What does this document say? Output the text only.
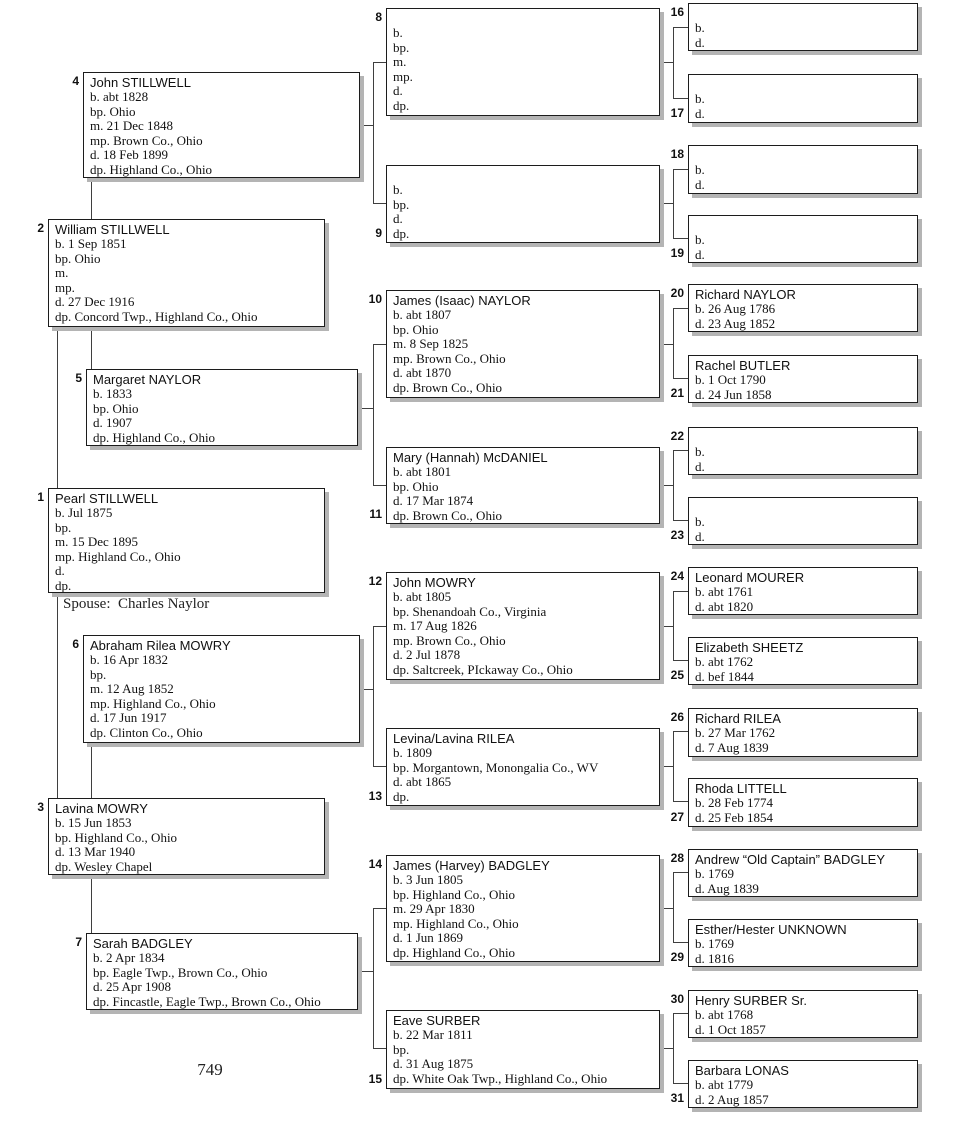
Spouse:  Charles Naylor
749
1 Pearl STILLWELL
b. Jul 1875
bp.
m. 15 Dec 1895
mp. Highland Co., Ohio
d.
dp.
2 William STILLWELL
b. 1 Sep 1851
bp. Ohio
m.
mp.
d. 27 Dec 1916
dp. Concord Twp., Highland Co., Ohio
3 Lavina MOWRY
b. 15 Jun 1853
bp. Highland Co., Ohio
d. 13 Mar 1940
dp. Wesley Chapel
4 John STILLWELL
b. abt 1828
bp. Ohio
m. 21 Dec 1848
mp. Brown Co., Ohio
d. 18 Feb 1899
dp. Highland Co., Ohio
5 Margaret NAYLOR
b. 1833
bp. Ohio
d. 1907
dp. Highland Co., Ohio
6 Abraham Rilea MOWRY
b. 16 Apr 1832
bp.
m. 12 Aug 1852
mp. Highland Co., Ohio
d. 17 Jun 1917
dp. Clinton Co., Ohio
7 Sarah BADGLEY
b. 2 Apr 1834
bp. Eagle Twp., Brown Co., Ohio
d. 25 Apr 1908
dp. Fincastle, Eagle Twp., Brown Co., Ohio
8
b.
bp.
m.
mp.
d.
dp.
9
b.
bp.
d.
dp.
10 James (Isaac) NAYLOR
b. abt 1807
bp. Ohio
m. 8 Sep 1825
mp. Brown Co., Ohio
d. abt 1870
dp. Brown Co., Ohio
11
Mary (Hannah) McDANIEL
b. abt 1801
bp. Ohio
d. 17 Mar 1874
dp. Brown Co., Ohio
12 John MOWRY
b. abt 1805
bp. Shenandoah Co., Virginia
m. 17 Aug 1826
mp. Brown Co., Ohio
d. 2 Jul 1878
dp. Saltcreek, PIckaway Co., Ohio
13
Levina/Lavina RILEA
b. 1809
bp. Morgantown, Monongalia Co., WV
d. abt 1865
dp.
14 James (Harvey) BADGLEY
b. 3 Jun 1805
bp. Highland Co., Ohio
m. 29 Apr 1830
mp. Highland Co., Ohio
d. 1 Jun 1869
dp. Highland Co., Ohio
15
Eave SURBER
b. 22 Mar 1811
bp.
d. 31 Aug 1875
dp. White Oak Twp., Highland Co., Ohio
16
b.
d.
17
b.
d.
18
b.
d.
19
b.
d.
20 Richard NAYLOR
b. 26 Aug 1786
d. 23 Aug 1852
21
Rachel BUTLER
b. 1 Oct 1790
d. 24 Jun 1858
22
b.
d.
23
b.
d.
24 Leonard MOURER
b. abt 1761
d. abt 1820
25
Elizabeth SHEETZ
b. abt 1762
d. bef 1844
26 Richard RILEA
b. 27 Mar 1762
d. 7 Aug 1839
27
Rhoda LITTELL
b. 28 Feb 1774
d. 25 Feb 1854
28 Andrew “Old Captain” BADGLEY
b. 1769
d. Aug 1839
29
Esther/Hester UNKNOWN
b. 1769
d. 1816
30 Henry SURBER Sr.
b. abt 1768
d. 1 Oct 1857
31
Barbara LONAS
b. abt 1779
d. 2 Aug 1857
